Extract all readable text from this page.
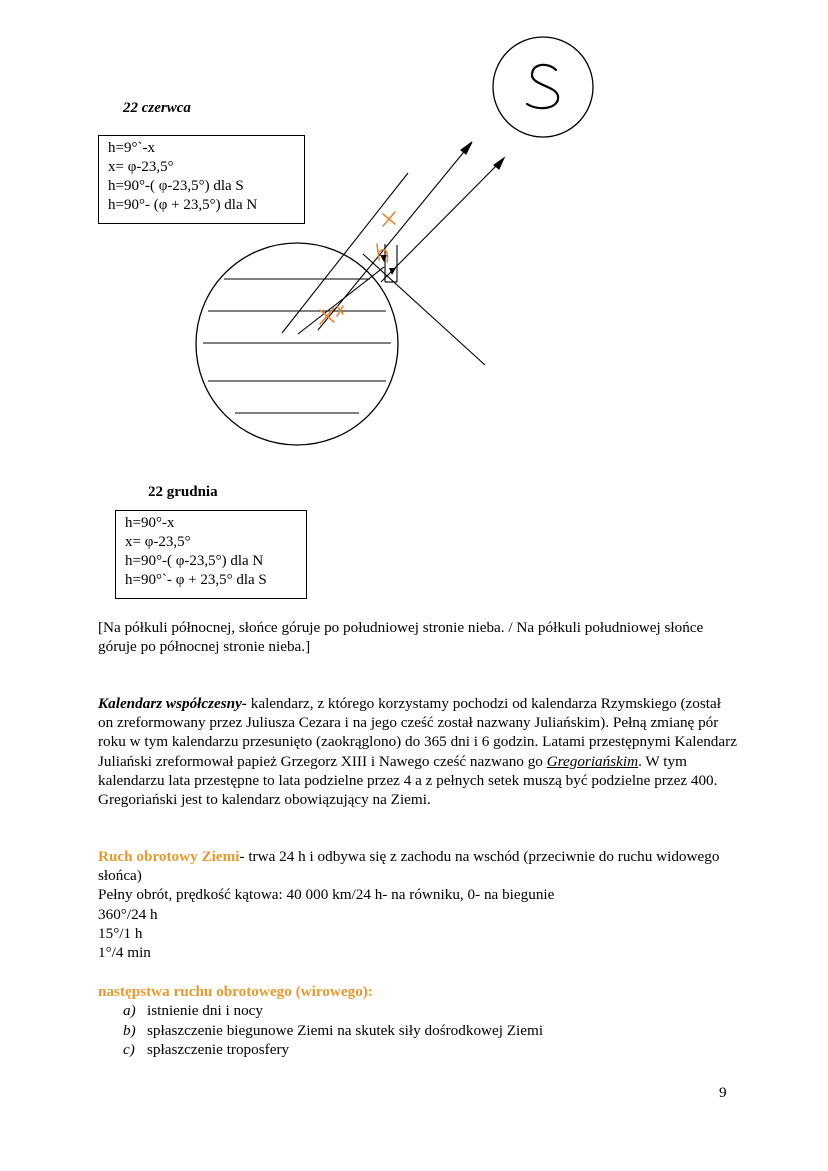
22 czerwca
h=9°`-x
x= φ-23,5°
h=90°-( φ-23,5°) dla S
h=90°- (φ + 23,5°) dla N
22 grudnia
h=90°-x
x= φ-23,5°
h=90°-( φ-23,5°) dla N
h=90°`- φ + 23,5° dla S
[Na półkuli północnej, słońce góruje po południowej stronie nieba. / Na półkuli południowej słońce góruje po północnej stronie nieba.]
Kalendarz współczesny- kalendarz, z którego korzystamy pochodzi od kalendarza Rzymskiego (został on zreformowany przez Juliusza Cezara i na jego cześć został nazwany Juliańskim). Pełną zmianę pór roku w tym kalendarzu przesunięto (zaokrąglono) do 365 dni i 6 godzin. Latami przestępnymi Kalendarz Juliański zreformował papież Grzegorz XIII i Nawego cześć nazwano go Gregoriańskim. W tym kalendarzu lata przestępne to lata podzielne przez 4 a z pełnych setek muszą być podzielne przez 400. Gregoriański jest to kalendarz obowiązujący na Ziemi.
Ruch obrotowy Ziemi- trwa 24 h i odbywa się z zachodu na wschód (przeciwnie do ruchu widowego słońca)
Pełny obrót, prędkość kątowa: 40 000 km/24 h- na równiku, 0- na biegunie
360°/24 h
15°/1 h
1°/4 min
następstwa ruchu obrotowego (wirowego):
a) istnienie dni i nocy
b) spłaszczenie biegunowe Ziemi na skutek siły dośrodkowej Ziemi
c) spłaszczenie troposfery
9
